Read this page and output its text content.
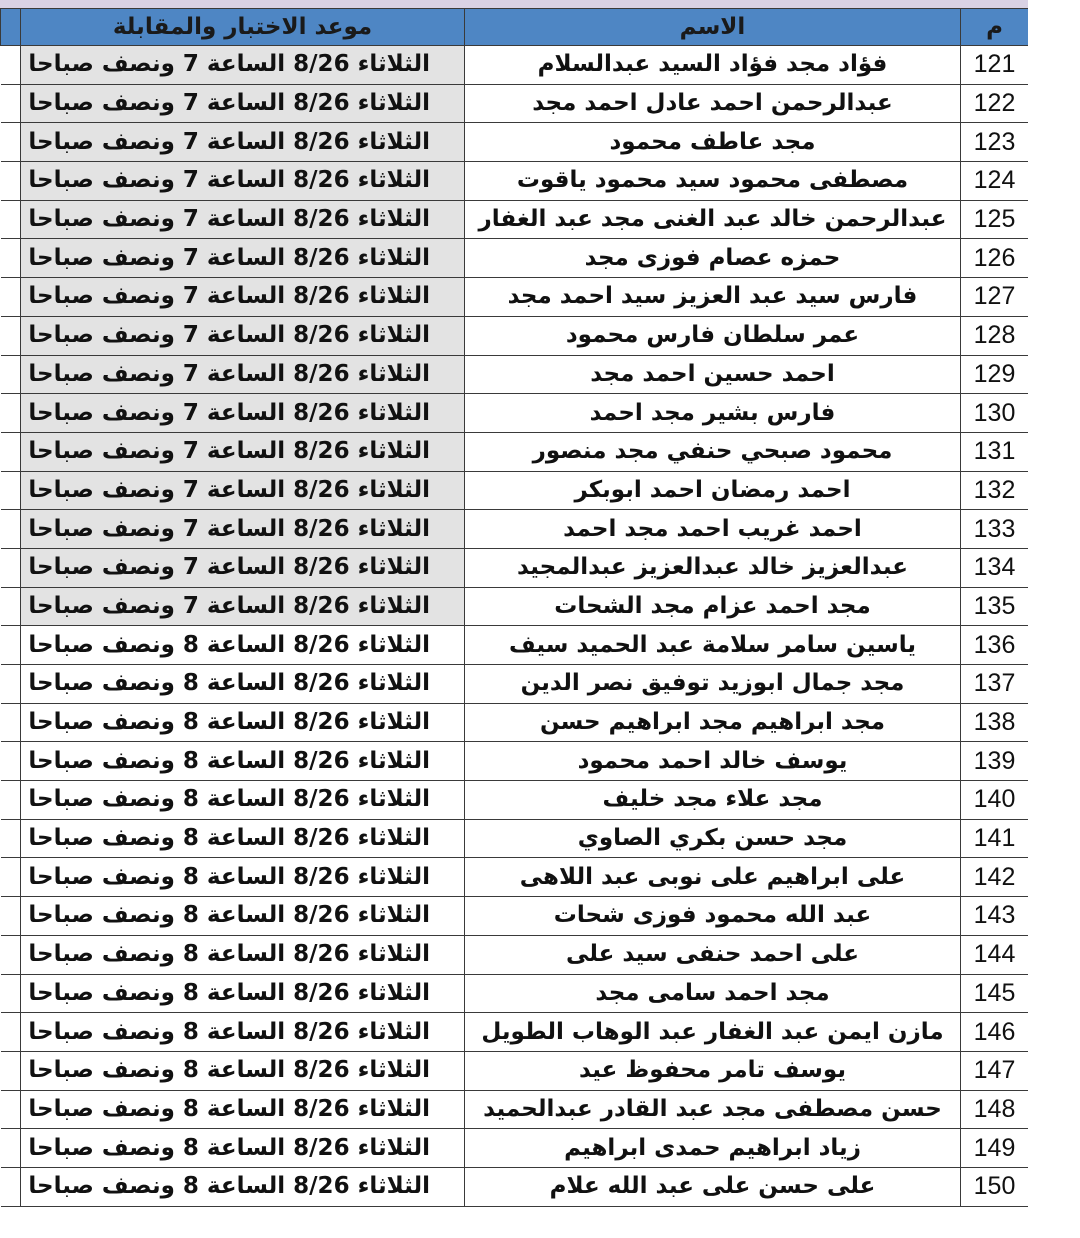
	موعد الاختبار والمقابلة	الاسم	م
	الثلاثاء 8/26 الساعة 7 ونصف صباحا	فؤاد مجد فؤاد السيد عبدالسلام	121
	الثلاثاء 8/26 الساعة 7 ونصف صباحا	عبدالرحمن احمد عادل احمد مجد	122
	الثلاثاء 8/26 الساعة 7 ونصف صباحا	مجد عاطف محمود	123
	الثلاثاء 8/26 الساعة 7 ونصف صباحا	مصطفى محمود سيد محمود ياقوت	124
	الثلاثاء 8/26 الساعة 7 ونصف صباحا	عبدالرحمن خالد عبد الغنى مجد عبد الغفار	125
	الثلاثاء 8/26 الساعة 7 ونصف صباحا	حمزه عصام فوزى مجد	126
	الثلاثاء 8/26 الساعة 7 ونصف صباحا	فارس سيد عبد العزيز سيد احمد مجد	127
	الثلاثاء 8/26 الساعة 7 ونصف صباحا	عمر سلطان فارس محمود	128
	الثلاثاء 8/26 الساعة 7 ونصف صباحا	احمد حسين احمد مجد	129
	الثلاثاء 8/26 الساعة 7 ونصف صباحا	فارس بشير مجد احمد	130
	الثلاثاء 8/26 الساعة 7 ونصف صباحا	محمود صبحي حنفي مجد منصور	131
	الثلاثاء 8/26 الساعة 7 ونصف صباحا	احمد رمضان احمد ابوبكر	132
	الثلاثاء 8/26 الساعة 7 ونصف صباحا	احمد غريب احمد مجد احمد	133
	الثلاثاء 8/26 الساعة 7 ونصف صباحا	عبدالعزيز خالد عبدالعزيز عبدالمجيد	134
	الثلاثاء 8/26 الساعة 7 ونصف صباحا	مجد احمد عزام مجد الشحات	135
	الثلاثاء 8/26 الساعة 8 ونصف صباحا	ياسين سامر سلامة عبد الحميد سيف	136
	الثلاثاء 8/26 الساعة 8 ونصف صباحا	مجد جمال ابوزيد توفيق نصر الدين	137
	الثلاثاء 8/26 الساعة 8 ونصف صباحا	مجد ابراهيم مجد ابراهيم حسن	138
	الثلاثاء 8/26 الساعة 8 ونصف صباحا	يوسف خالد احمد محمود	139
	الثلاثاء 8/26 الساعة 8 ونصف صباحا	مجد علاء مجد خليف	140
	الثلاثاء 8/26 الساعة 8 ونصف صباحا	مجد حسن بكري الصاوي	141
	الثلاثاء 8/26 الساعة 8 ونصف صباحا	على ابراهيم على نوبى عبد اللاهى	142
	الثلاثاء 8/26 الساعة 8 ونصف صباحا	عبد الله محمود فوزى شحات	143
	الثلاثاء 8/26 الساعة 8 ونصف صباحا	على احمد حنفى سيد على	144
	الثلاثاء 8/26 الساعة 8 ونصف صباحا	مجد احمد سامى مجد	145
	الثلاثاء 8/26 الساعة 8 ونصف صباحا	مازن ايمن عبد الغفار عبد الوهاب الطويل	146
	الثلاثاء 8/26 الساعة 8 ونصف صباحا	يوسف تامر محفوظ عيد	147
	الثلاثاء 8/26 الساعة 8 ونصف صباحا	حسن مصطفى مجد عبد القادر عبدالحميد	148
	الثلاثاء 8/26 الساعة 8 ونصف صباحا	زياد ابراهيم حمدى ابراهيم	149
	الثلاثاء 8/26 الساعة 8 ونصف صباحا	على حسن على عبد الله علام	150
